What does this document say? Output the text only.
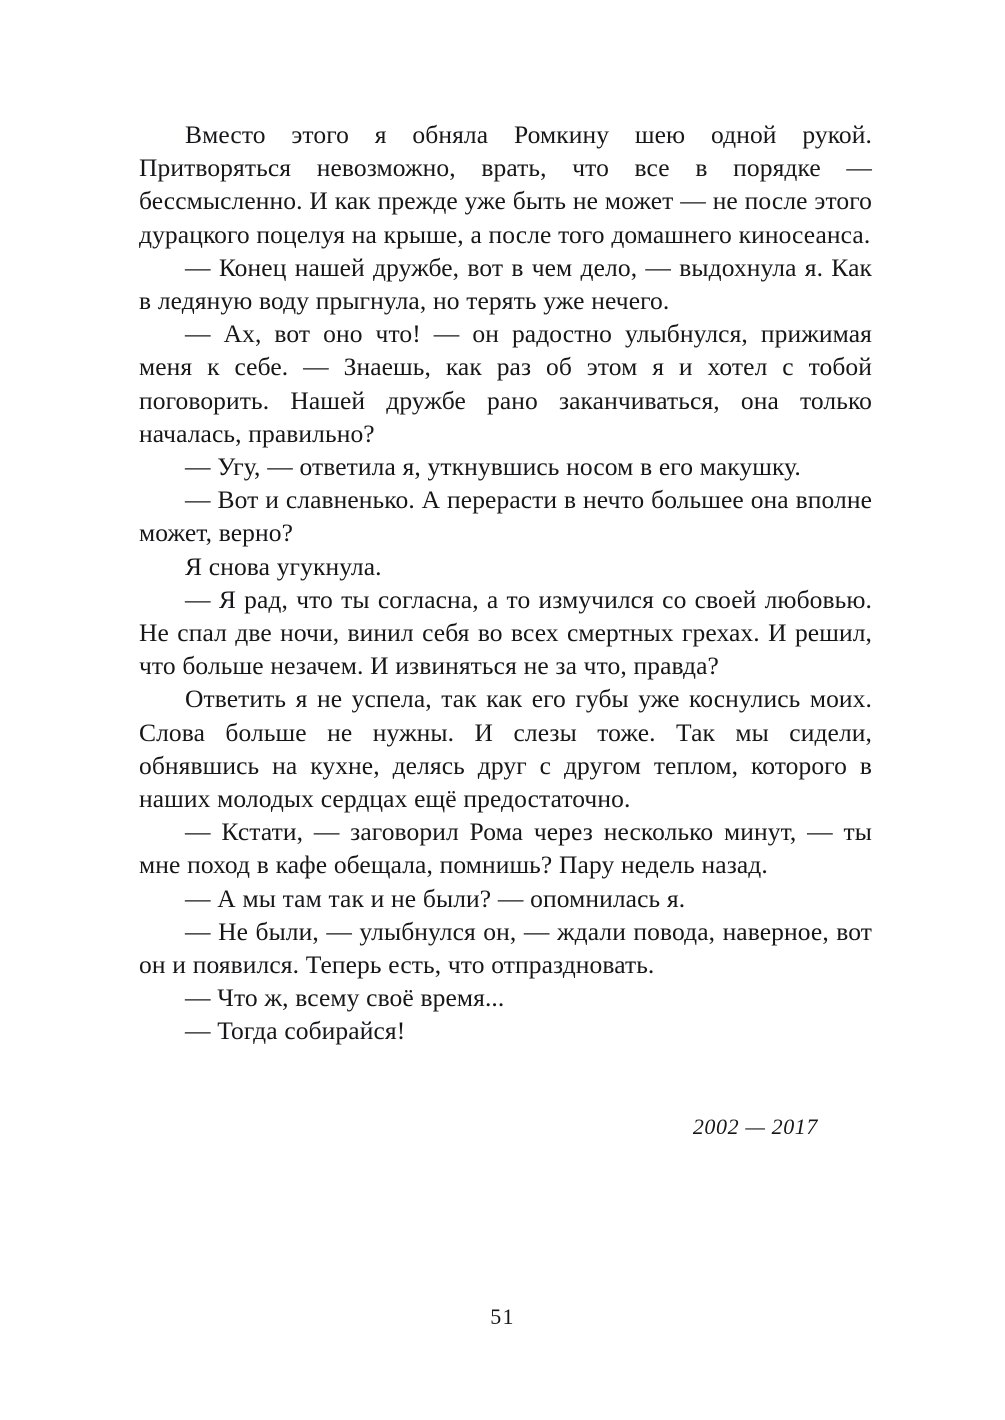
Вместо этого я обняла Ромкину шею одной рукой. Притворяться невозможно, врать, что все в порядке — бессмысленно. И как прежде уже быть не может — не после этого дурацкого поцелуя на крыше, а после того домашнего киносеанса.

— Конец нашей дружбе, вот в чем дело, — выдохнула я. Как в ледяную воду прыгнула, но терять уже нечего.

— Ах, вот оно что! — он радостно улыбнулся, прижимая меня к себе. — Знаешь, как раз об этом я и хотел с тобой поговорить. Нашей дружбе рано заканчиваться, она только началась, правильно?

— Угу, — ответила я, уткнувшись носом в его макушку.

— Вот и славненько. А перерасти в нечто большее она вполне может, верно?

Я снова угукнула.

— Я рад, что ты согласна, а то измучился со своей любовью. Не спал две ночи, винил себя во всех смертных грехах. И решил, что больше незачем. И извиняться не за что, правда?

Ответить я не успела, так как его губы уже коснулись моих. Слова больше не нужны. И слезы тоже. Так мы сидели, обнявшись на кухне, делясь друг с другом теплом, которого в наших молодых сердцах ещё предостаточно.

— Кстати, — заговорил Рома через несколько минут, — ты мне поход в кафе обещала, помнишь? Пару недель назад.

— А мы там так и не были? — опомнилась я.

— Не были, — улыбнулся он, — ждали повода, наверное, вот он и появился. Теперь есть, что отпраздновать.

— Что ж, всему своё время...

— Тогда собирайся!

2002 — 2017

51
